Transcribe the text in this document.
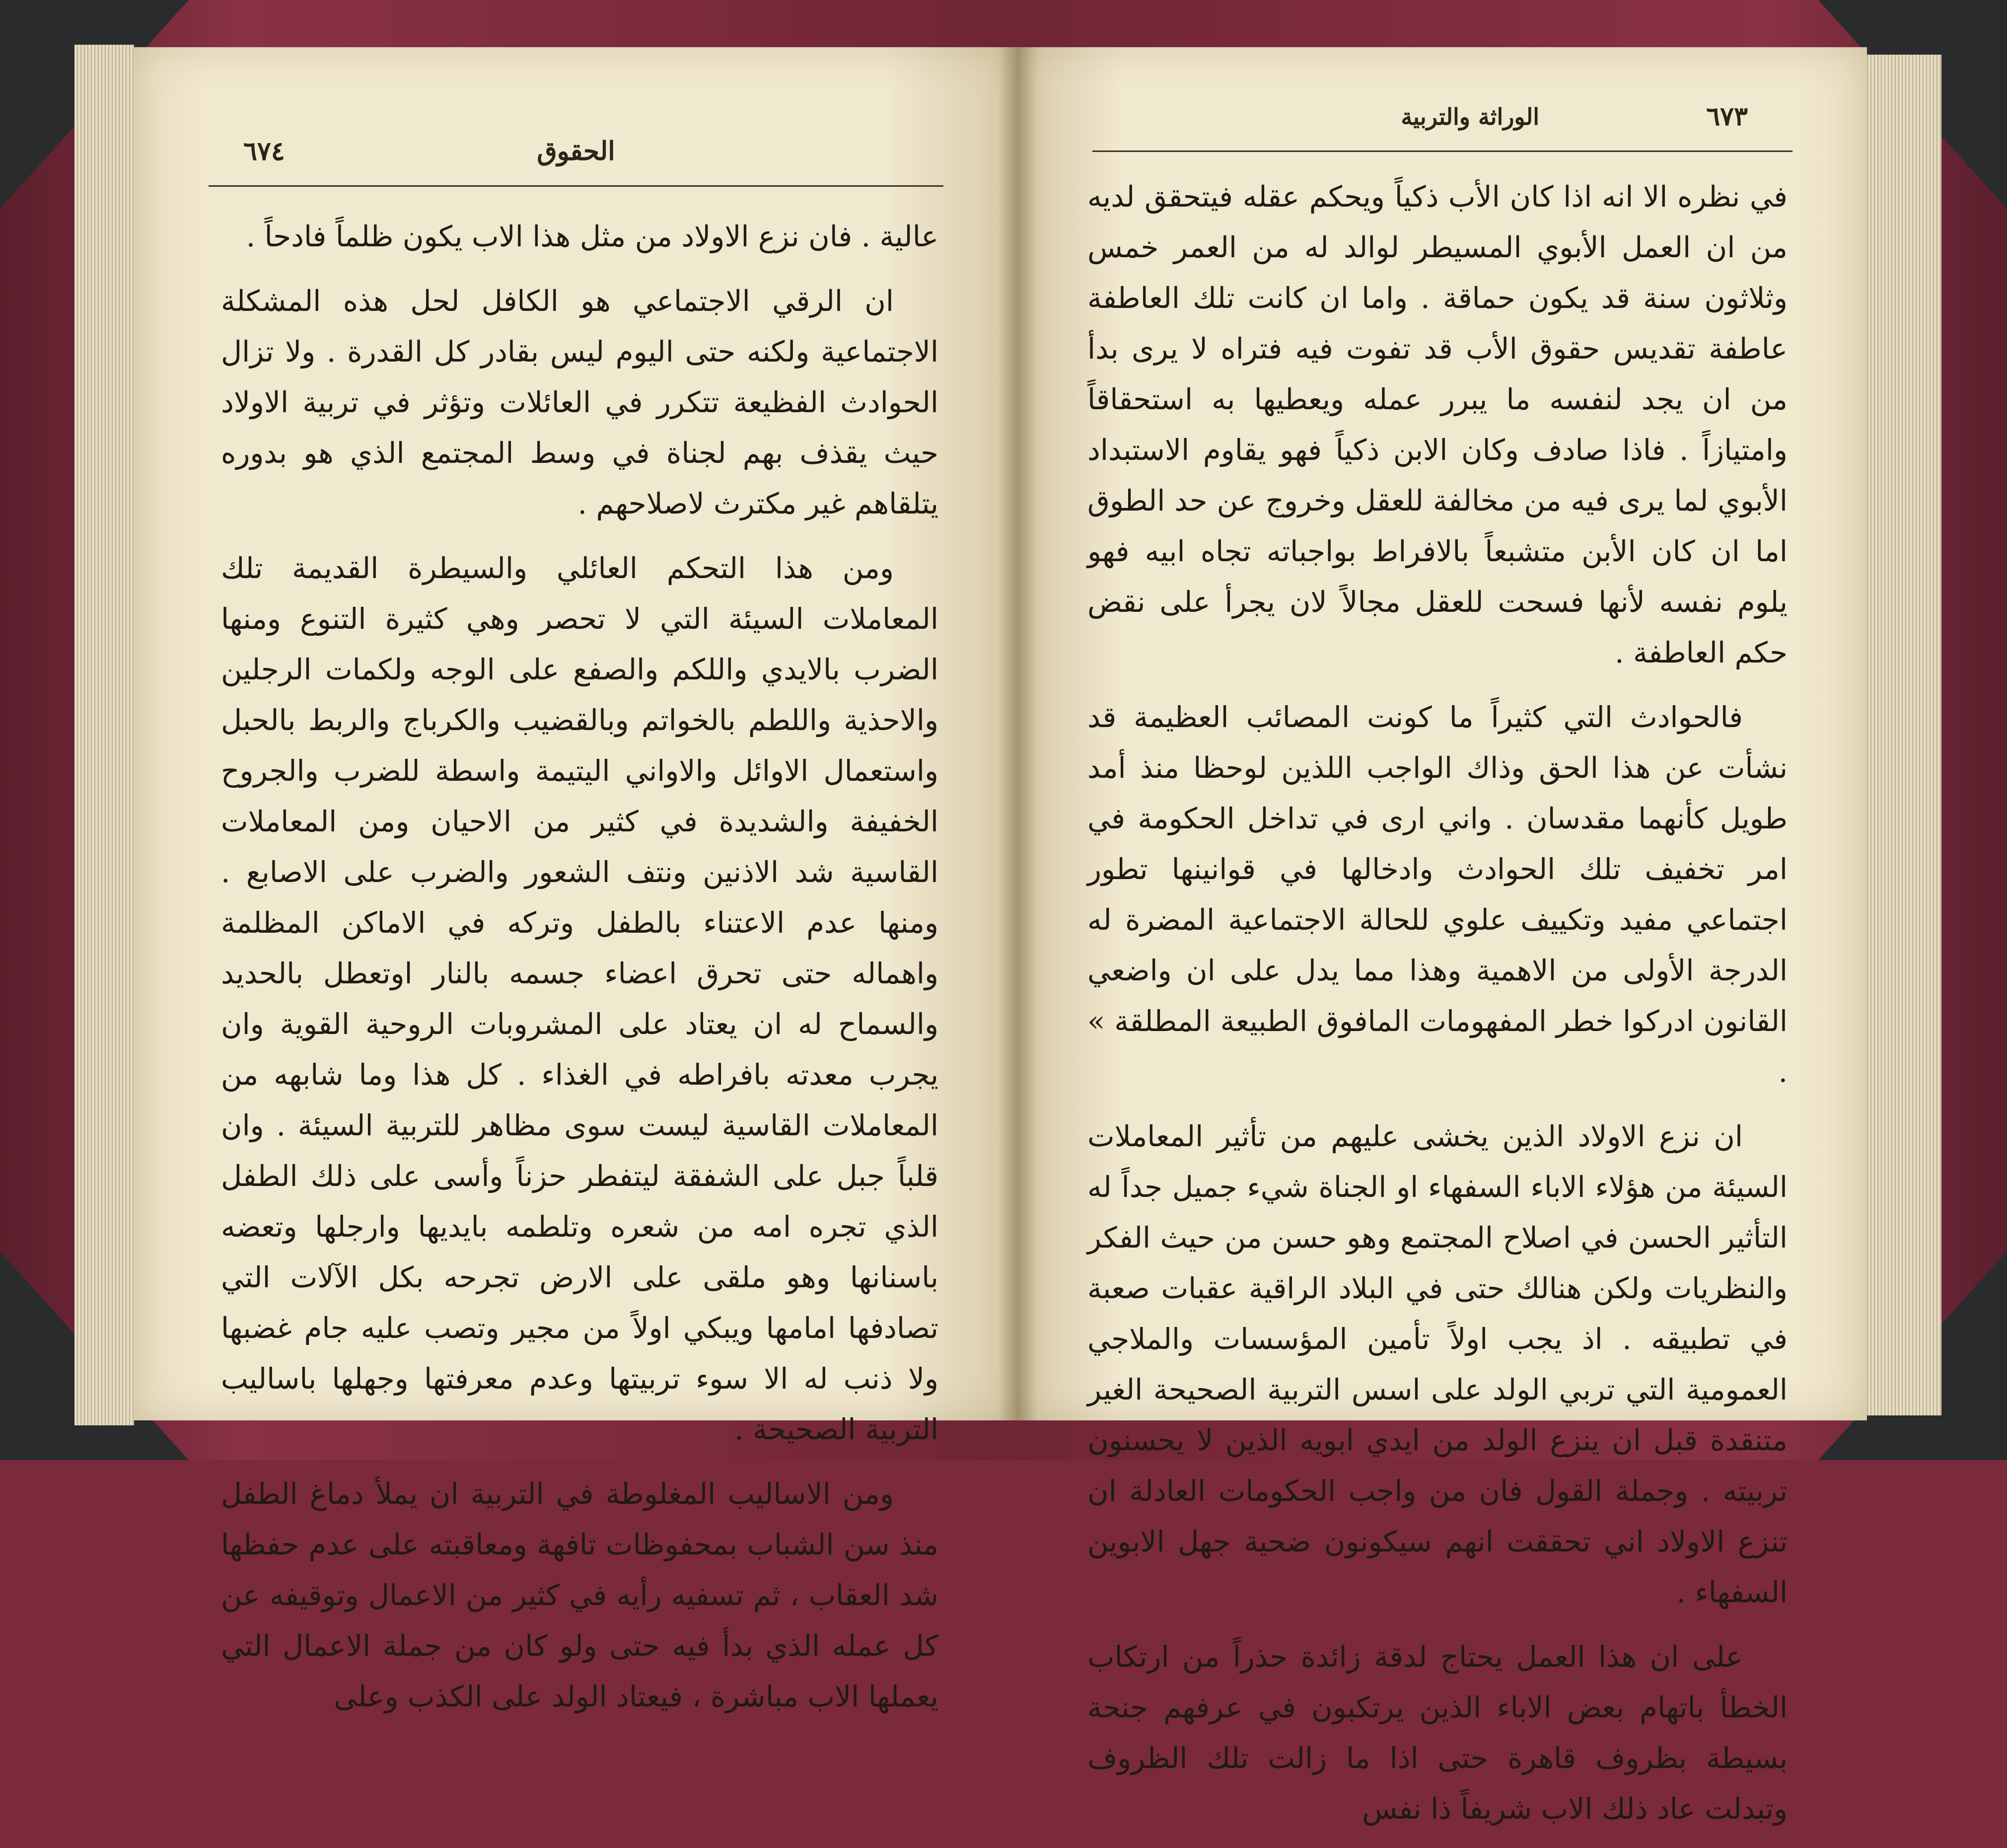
٦٧٤	الحقوق

عالية . فان نزع الاولاد من مثل هذا الاب يكون ظلماً فادحاً .

ان الرقي الاجتماعي هو الكافل لحل هذه المشكلة الاجتماعية ولكنه حتى اليوم ليس بقادر كل القدرة . ولا تزال الحوادث الفظيعة تتكرر في العائلات وتؤثر في تربية الاولاد حيث يقذف بهم لجناة في وسط المجتمع الذي هو بدوره يتلقاهم غير مكترث لاصلاحهم .

ومن هذا التحكم العائلي والسيطرة القديمة تلك المعاملات السيئة التي لا تحصر وهي كثيرة التنوع ومنها الضرب بالايدي واللكم والصفع على الوجه ولكمات الرجلين والاحذية واللطم بالخواتم وبالقضيب والكرباج والربط بالحبل واستعمال الاوائل والاواني اليتيمة واسطة للضرب والجروح الخفيفة والشديدة في كثير من الاحيان ومن المعاملات القاسية شد الاذنين ونتف الشعور والضرب على الاصابع . ومنها عدم الاعتناء بالطفل وتركه في الاماكن المظلمة واهماله حتى تحرق اعضاء جسمه بالنار اوتعطل بالحديد والسماح له ان يعتاد على المشروبات الروحية القوية وان يجرب معدته بافراطه في الغذاء . كل هذا وما شابهه من المعاملات القاسية ليست سوى مظاهر للتربية السيئة . وان قلباً جبل على الشفقة ليتفطر حزناً وأسى على ذلك الطفل الذي تجره امه من شعره وتلطمه بايديها وارجلها وتعضه باسنانها وهو ملقى على الارض تجرحه بكل الآلات التي تصادفها امامها ويبكي اولاً من مجير وتصب عليه جام غضبها ولا ذنب له الا سوء تربيتها وعدم معرفتها وجهلها باساليب التربية الصحيحة .

ومن الاساليب المغلوطة في التربية ان يملأ دماغ الطفل منذ سن الشباب بمحفوظات تافهة ومعاقبته على عدم حفظها شد العقاب ، ثم تسفيه رأيه في كثير من الاعمال وتوقيفه عن كل عمله الذي بدأ فيه حتى ولو كان من جملة الاعمال التي يعملها الاب مباشرة ، فيعتاد الولد على الكذب وعلى

٦٧٣
الوراثة والتربية

في نظره الا انه اذا كان الأب ذكياً ويحكم عقله فيتحقق لديه من ان العمل الأبوي المسيطر لوالد له من العمر خمس وثلاثون سنة قد يكون حماقة . واما ان كانت تلك العاطفة عاطفة تقديس حقوق الأب قد تفوت فيه فتراه لا يرى بدأ من ان يجد لنفسه ما يبرر عمله ويعطيها به استحقاقاً وامتيازاً . فاذا صادف وكان الابن ذكياً فهو يقاوم الاستبداد الأبوي لما يرى فيه من مخالفة للعقل وخروج عن حد الطوق اما ان كان الأبن متشبعاً بالافراط بواجباته تجاه ابيه فهو يلوم نفسه لأنها فسحت للعقل مجالاً لان يجرأ على نقض حكم العاطفة .

فالحوادث التي كثيراً ما كونت المصائب العظيمة قد نشأت عن هذا الحق وذاك الواجب اللذين لوحظا منذ أمد طويل كأنهما مقدسان . واني ارى في تداخل الحكومة في امر تخفيف تلك الحوادث وادخالها في قوانينها تطور اجتماعي مفيد وتكييف علوي للحالة الاجتماعية المضرة له الدرجة الأولى من الاهمية وهذا مما يدل على ان واضعي القانون ادركوا خطر المفهومات المافوق الطبيعة المطلقة » .

ان نزع الاولاد الذين يخشى عليهم من تأثير المعاملات السيئة من هؤلاء الاباء السفهاء او الجناة شيء جميل جداً له التأثير الحسن في اصلاح المجتمع وهو حسن من حيث الفكر والنظريات ولكن هنالك حتى في البلاد الراقية عقبات صعبة في تطبيقه . اذ يجب اولاً تأمين المؤسسات والملاجي العمومية التي تربي الولد على اسس التربية الصحيحة الغير متنقدة قبل ان ينزع الولد من ايدي ابويه الذين لا يحسنون تربيته . وجملة القول فان من واجب الحكومات العادلة ان تنزع الاولاد اني تحققت انهم سيكونون ضحية جهل الابوين السفهاء .

على ان هذا العمل يحتاج لدقة زائدة حذراً من ارتكاب الخطأ باتهام بعض الاباء الذين يرتكبون في عرفهم جنحة بسيطة بظروف قاهرة حتى اذا ما زالت تلك الظروف وتبدلت عاد ذلك الاب شريفاً ذا نفس
